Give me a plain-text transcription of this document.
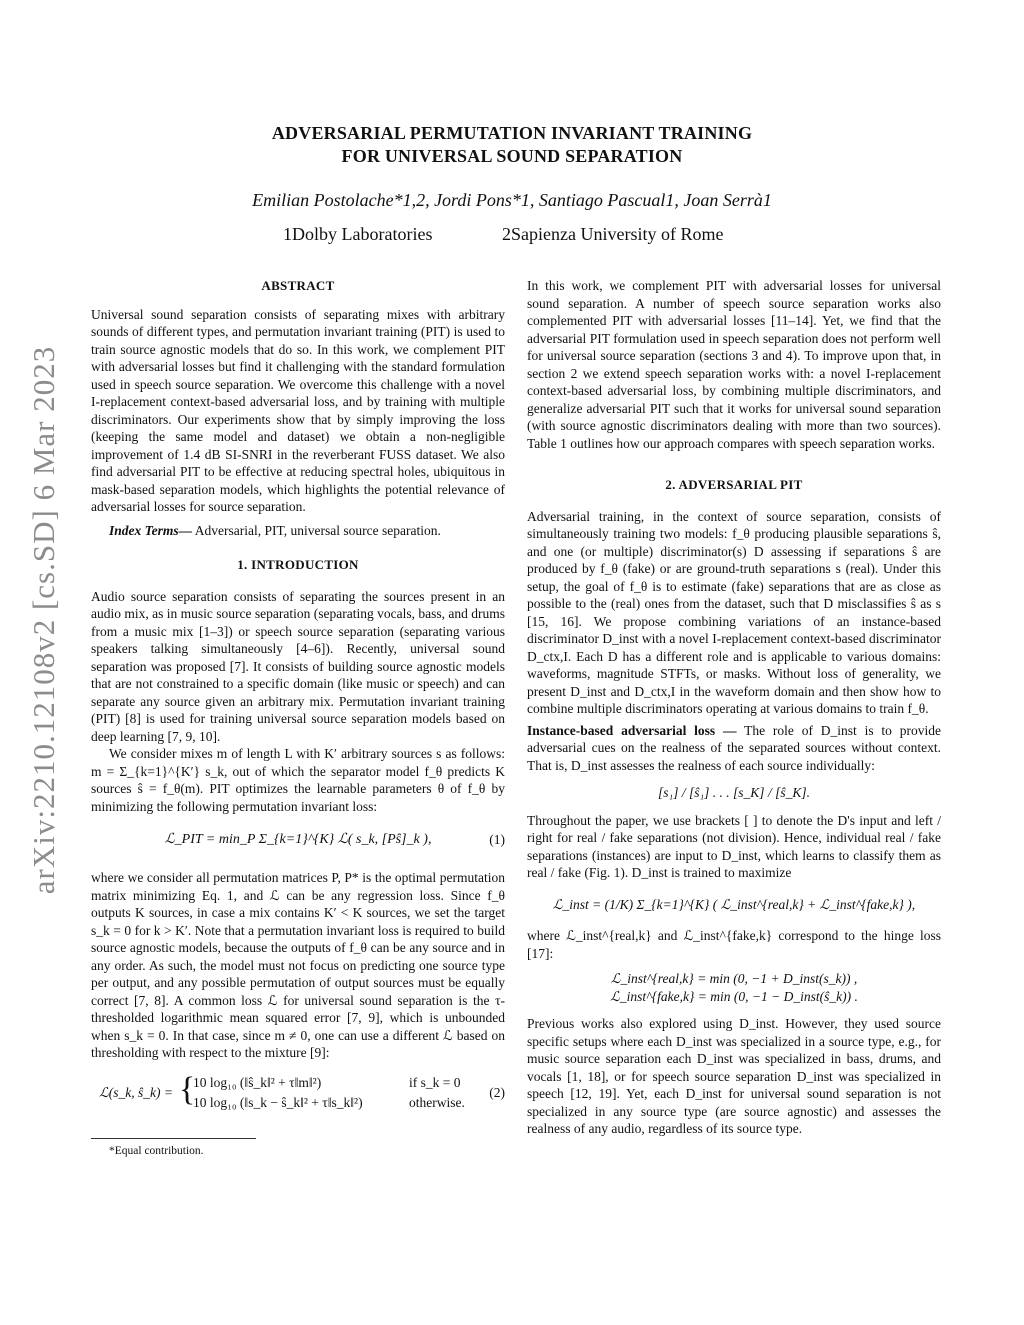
arXiv:2210.12108v2 [cs.SD] 6 Mar 2023
ADVERSARIAL PERMUTATION INVARIANT TRAINING
FOR UNIVERSAL SOUND SEPARATION
Emilian Postolache*1,2, Jordi Pons*1, Santiago Pascual1, Joan Serrà1
1Dolby Laboratories	2Sapienza University of Rome
ABSTRACT

Universal sound separation consists of separating mixes with arbitrary sounds of different types, and permutation invariant training (PIT) is used to train source agnostic models that do so. In this work, we complement PIT with adversarial losses but find it challenging with the standard formulation used in speech source separation. We overcome this challenge with a novel I-replacement context-based adversarial loss, and by training with multiple discriminators. Our experiments show that by simply improving the loss (keeping the same model and dataset) we obtain a non-negligible improvement of 1.4 dB SI-SNRI in the reverberant FUSS dataset. We also find adversarial PIT to be effective at reducing spectral holes, ubiquitous in mask-based separation models, which highlights the potential relevance of adversarial losses for source separation.

Index Terms— Adversarial, PIT, universal source separation.

1. INTRODUCTION

Audio source separation consists of separating the sources present in an audio mix, as in music source separation (separating vocals, bass, and drums from a music mix [1–3]) or speech source separation (separating various speakers talking simultaneously [4–6]). Recently, universal sound separation was proposed [7]. It consists of building source agnostic models that are not constrained to a specific domain (like music or speech) and can separate any source given an arbitrary mix. Permutation invariant training (PIT) [8] is used for training universal source separation models based on deep learning [7, 9, 10].

We consider mixes m of length L with K′ arbitrary sources s as follows: m = Σ_{k=1}^{K′} s_k, out of which the separator model f_θ predicts K sources ŝ = f_θ(m). PIT optimizes the learnable parameters θ of f_θ by minimizing the following permutation invariant loss:

ℒ_PIT = min_P Σ_{k=1}^{K} ℒ( s_k, [Pŝ]_k ),	(1)

where we consider all permutation matrices P, P* is the optimal permutation matrix minimizing Eq. 1, and ℒ can be any regression loss. Since f_θ outputs K sources, in case a mix contains K′ < K sources, we set the target s_k = 0 for k > K′. Note that a permutation invariant loss is required to build source agnostic models, because the outputs of f_θ can be any source and in any order. As such, the model must not focus on predicting one source type per output, and any possible permutation of output sources must be equally correct [7, 8]. A common loss ℒ for universal sound separation is the τ-thresholded logarithmic mean squared error [7, 9], which is unbounded when s_k = 0. In that case, since m ≠ 0, one can use a different ℒ based on thresholding with respect to the mixture [9]:

ℒ(s_k, ŝ_k) = {
10 log₁₀ (‖ŝ_k‖² + τ‖m‖²)	if s_k = 0
10 log₁₀ (‖s_k − ŝ_k‖² + τ‖s_k‖²)	otherwise.
(2)
*Equal contribution.

In this work, we complement PIT with adversarial losses for universal sound separation. A number of speech source separation works also complemented PIT with adversarial losses [11–14]. Yet, we find that the adversarial PIT formulation used in speech separation does not perform well for universal source separation (sections 3 and 4). To improve upon that, in section 2 we extend speech separation works with: a novel I-replacement context-based adversarial loss, by combining multiple discriminators, and generalize adversarial PIT such that it works for universal sound separation (with source agnostic discriminators dealing with more than two sources). Table 1 outlines how our approach compares with speech separation works.

2. ADVERSARIAL PIT

Adversarial training, in the context of source separation, consists of simultaneously training two models: f_θ producing plausible separations ŝ, and one (or multiple) discriminator(s) D assessing if separations ŝ are produced by f_θ (fake) or are ground-truth separations s (real). Under this setup, the goal of f_θ is to estimate (fake) separations that are as close as possible to the (real) ones from the dataset, such that D misclassifies ŝ as s [15, 16]. We propose combining variations of an instance-based discriminator D_inst with a novel I-replacement context-based discriminator D_ctx,I. Each D has a different role and is applicable to various domains: waveforms, magnitude STFTs, or masks. Without loss of generality, we present D_inst and D_ctx,I in the waveform domain and then show how to combine multiple discriminators operating at various domains to train f_θ.

Instance-based adversarial loss — The role of D_inst is to provide adversarial cues on the realness of the separated sources without context. That is, D_inst assesses the realness of each source individually:

[s₁] / [ŝ₁] . . . [s_K] / [ŝ_K].

Throughout the paper, we use brackets [ ] to denote the D's input and left / right for real / fake separations (not division). Hence, individual real / fake separations (instances) are input to D_inst, which learns to classify them as real / fake (Fig. 1). D_inst is trained to maximize

ℒ_inst = (1/K) Σ_{k=1}^{K} ( ℒ_inst^{real,k} + ℒ_inst^{fake,k} ),

where ℒ_inst^{real,k} and ℒ_inst^{fake,k} correspond to the hinge loss [17]:

ℒ_inst^{real,k} = min (0, −1 + D_inst(s_k)) ,
ℒ_inst^{fake,k} = min (0, −1 − D_inst(ŝ_k)) .

Previous works also explored using D_inst. However, they used source specific setups where each D_inst was specialized in a source type, e.g., for music source separation each D_inst was specialized in bass, drums, and vocals [1, 18], or for speech source separation D_inst was specialized in speech [12, 19]. Yet, each D_inst for universal sound separation is not specialized in any source type (are source agnostic) and assesses the realness of any audio, regardless of its source type.
